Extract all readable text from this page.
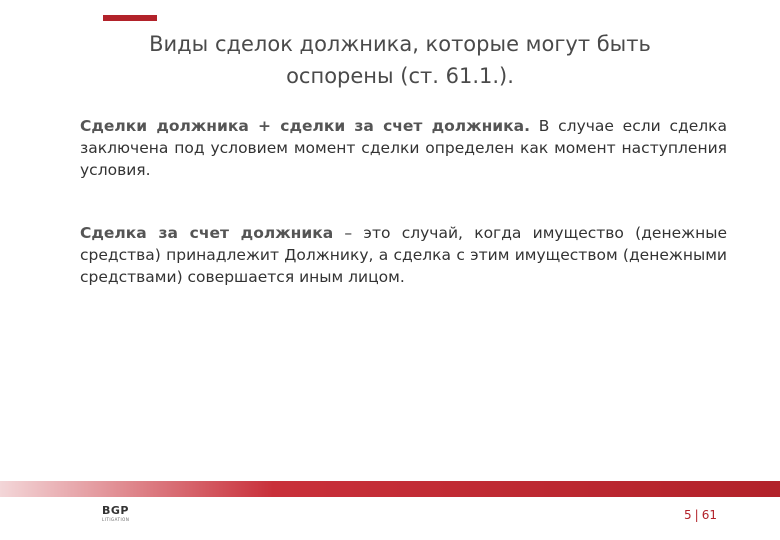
Виды сделок должника, которые могут быть
оспорены (ст. 61.1.).
Сделки должника + сделки за счет должника. В случае если сделка заключена под условием момент сделки определен как момент наступления условия.
Сделка за счет должника – это случай, когда имущество (денежные средства) принадлежит Должнику, а сделка с этим имуществом (денежными средствами) совершается иным лицом.
BGP
LITIGATION	5 | 61
